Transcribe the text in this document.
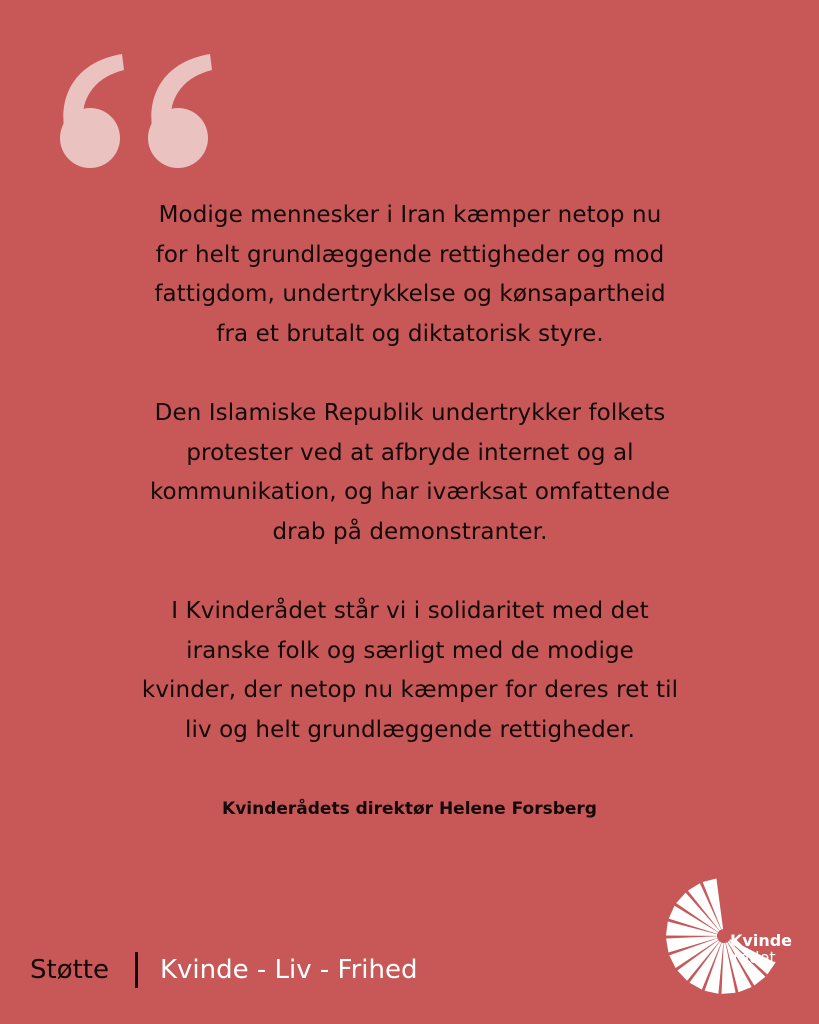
Modige mennesker i Iran kæmper netop nu
for helt grundlæggende rettigheder og mod
fattigdom, undertrykkelse og kønsapartheid
fra et brutalt og diktatorisk styre.

Den Islamiske Republik undertrykker folkets
protester ved at afbryde internet og al
kommunikation, og har iværksat omfattende
drab på demonstranter.

I Kvinderådet står vi i solidaritet med det
iranske folk og særligt med de modige
kvinder, der netop nu kæmper for deres ret til
liv og helt grundlæggende rettigheder.

Kvinderådets direktør Helene Forsberg
Støtte Kvinde - Liv - Frihed
Kvinde
rådet
